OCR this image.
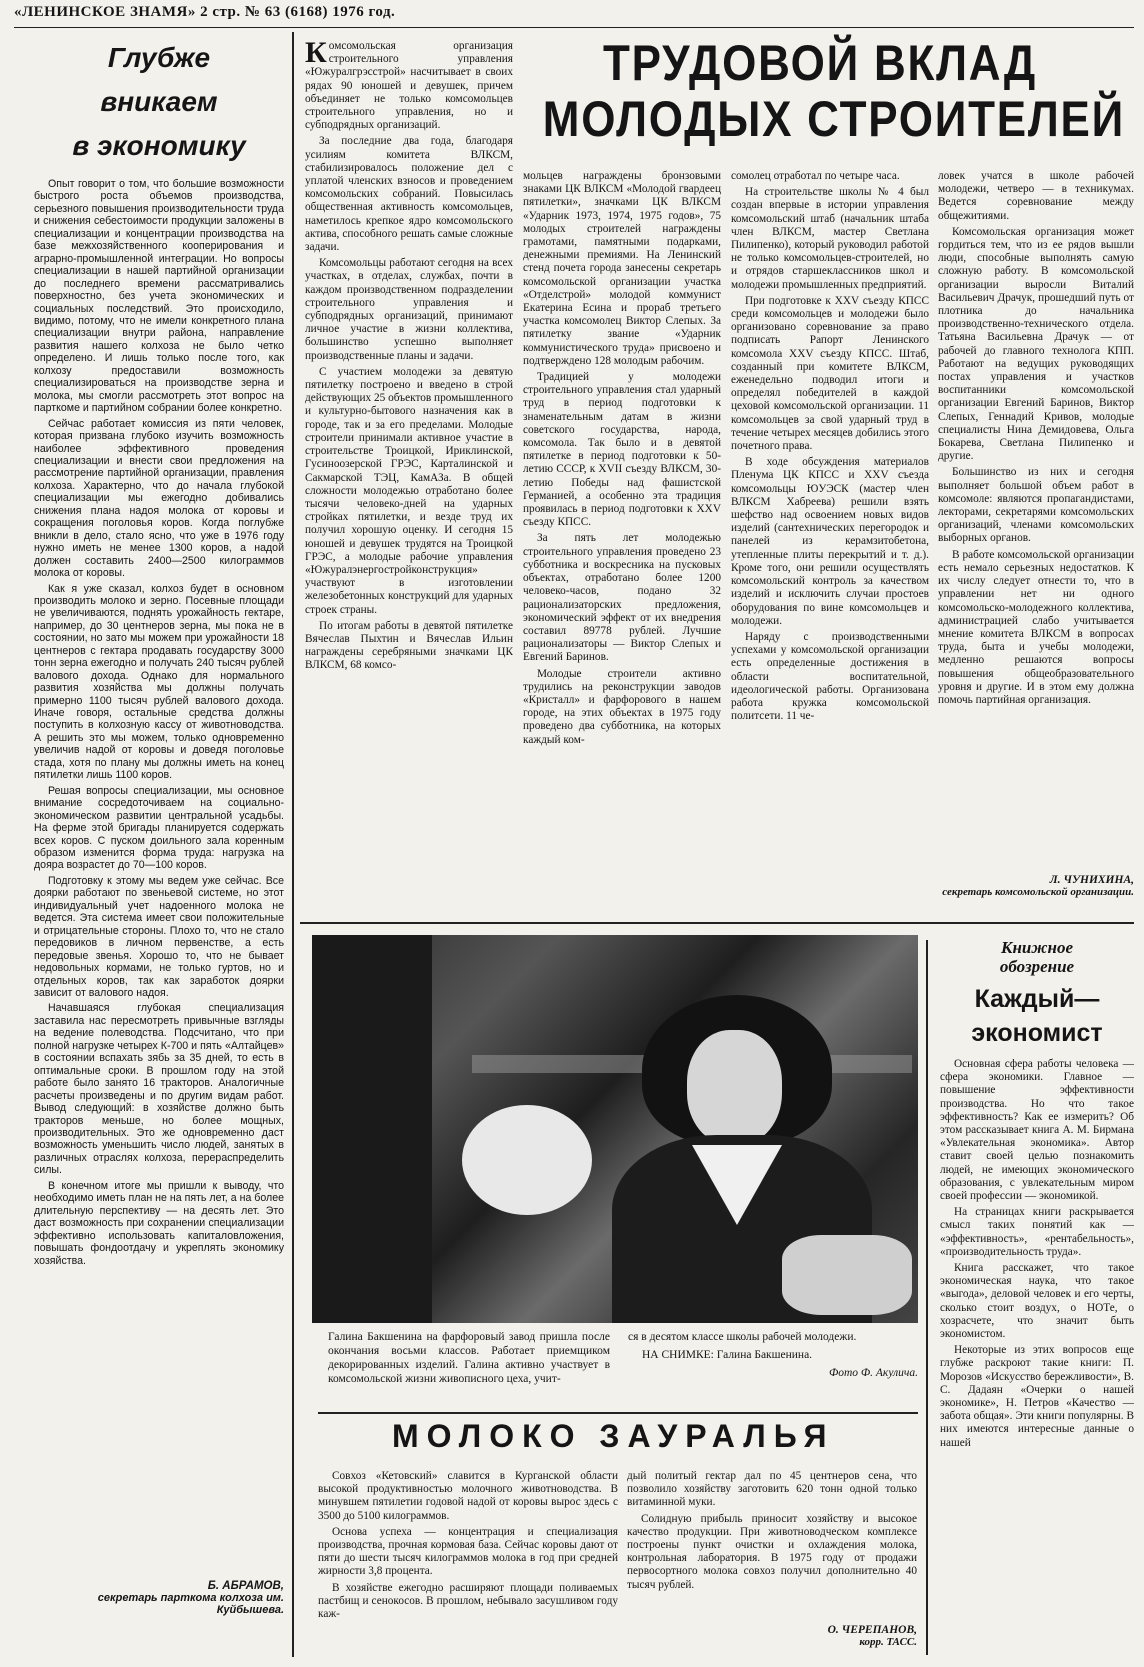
«ЛЕНИНСКОЕ ЗНАМЯ» 2 стр. № 63 (6168) 1976 год.
Глубже
вникаем
в экономику

Опыт говорит о том, что большие возможности быстрого роста объемов производства, серьезного повышения производительности труда и снижения себестоимости продукции заложены в специализации и концентрации производства на базе межхозяйственного кооперирования и аграрно-промышленной интеграции. Но вопросы специализации в нашей партийной организации до последнего времени рассматривались поверхностно, без учета экономических и социальных последствий. Это происходило, видимо, потому, что не имели конкретного плана специализации внутри района, направление развития нашего колхоза не было четко определено. И лишь только после того, как колхозу предоставили возможность специализироваться на производстве зерна и молока, мы смогли рассмотреть этот вопрос на парткоме и партийном собрании более конкретно.

Сейчас работает комиссия из пяти человек, которая призвана глубоко изучить возможность наиболее эффективного проведения специализации и внести свои предложения на рассмотрение партийной организации, правления колхоза. Характерно, что до начала глубокой специализации мы ежегодно добивались снижения плана надоя молока от коровы и сокращения поголовья коров. Когда поглубже вникли в дело, стало ясно, что уже в 1976 году нужно иметь не менее 1300 коров, а надой должен составить 2400—2500 килограммов молока от коровы.

Как я уже сказал, колхоз будет в основном производить молоко и зерно. Посевные площади не увеличиваются, поднять урожайность гектаре, например, до 30 центнеров зерна, мы пока не в состоянии, но зато мы можем при урожайности 18 центнеров с гектара продавать государству 3000 тонн зерна ежегодно и получать 240 тысяч рублей валового дохода. Однако для нормального развития хозяйства мы должны получать примерно 1100 тысяч рублей валового дохода. Иначе говоря, остальные средства должны поступить в колхозную кассу от животноводства. А решить это мы можем, только одновременно увеличив надой от коровы и доведя поголовье стада, хотя по плану мы должны иметь на конец пятилетки лишь 1100 коров.

Решая вопросы специализации, мы основное внимание сосредоточиваем на социально-экономическом развитии центральной усадьбы. На ферме этой бригады планируется содержать всех коров. С пуском доильного зала коренным образом изменится форма труда: нагрузка на дояра возрастет до 70—100 коров.

Подготовку к этому мы ведем уже сейчас. Все доярки работают по звеньевой системе, но этот индивидуальный учет надоенного молока не ведется. Эта система имеет свои положительные и отрицательные стороны. Плохо то, что не стало передовиков в личном первенстве, а есть передовые звенья. Хорошо то, что не бывает недовольных кормами, не только гуртов, но и отдельных коров, так как заработок доярки зависит от валового надоя.

Начавшаяся глубокая специализация заставила нас пересмотреть привычные взгляды на ведение полеводства. Подсчитано, что при полной нагрузке четырех К-700 и пять «Алтайцев» в состоянии вспахать зябь за 35 дней, то есть в оптимальные сроки. В прошлом году на этой работе было занято 16 тракторов. Аналогичные расчеты произведены и по другим видам работ. Вывод следующий: в хозяйстве должно быть тракторов меньше, но более мощных, производительных. Это же одновременно даст возможность уменьшить число людей, занятых в различных отраслях колхоза, перераспределить силы.

В конечном итоге мы пришли к выводу, что необходимо иметь план не на пять лет, а на более длительную перспективу — на десять лет. Это даст возможность при сохранении специализации эффективно использовать капиталовложения, повышать фондоотдачу и укреплять экономику хозяйства.

Б. АБРАМОВ,
секретарь парткома колхоза им. Куйбышева.
ТРУДОВОЙ ВКЛАД
МОЛОДЫХ СТРОИТЕЛЕЙ

Комсомольская организация строительного управления «Южуралгрэсстрой» насчитывает в своих рядах 90 юношей и девушек, причем объединяет не только комсомольцев строительного управления, но и субподрядных организаций.

За последние два года, благодаря усилиям комитета ВЛКСМ, стабилизировалось положение дел с уплатой членских взносов и проведением комсомольских собраний. Повысилась общественная активность комсомольцев, наметилось крепкое ядро комсомольского актива, способного решать самые сложные задачи.

Комсомольцы работают сегодня на всех участках, в отделах, службах, почти в каждом производственном подразделении строительного управления и субподрядных организаций, принимают личное участие в жизни коллектива, большинство успешно выполняет производственные планы и задачи.

С участием молодежи за девятую пятилетку построено и введено в строй действующих 25 объектов промышленного и культурно-бытового назначения как в городе, так и за его пределами. Молодые строители принимали активное участие в строительстве Троицкой, Ириклинской, Гусиноозерской ГРЭС, Карталинской и Сакмарской ТЭЦ, КамАЗа. В общей сложности молодежью отработано более тысячи человеко-дней на ударных стройках пятилетки, и везде труд их получил хорошую оценку. И сегодня 15 юношей и девушек трудятся на Троицкой ГРЭС, а молодые рабочие управления «Южуралэнергостройконструкция» участвуют в изготовлении железобетонных конструкций для ударных строек страны.

По итогам работы в девятой пятилетке Вячеслав Пыхтин и Вячеслав Ильин награждены серебряными значками ЦК ВЛКСМ, 68 комсо-

мольцев награждены бронзовыми знаками ЦК ВЛКСМ «Молодой гвардеец пятилетки», значками ЦК ВЛКСМ «Ударник 1973, 1974, 1975 годов», 75 молодых строителей награждены грамотами, памятными подарками, денежными премиями. На Ленинский стенд почета города занесены секретарь комсомольской организации участка «Отделстрой» молодой коммунист Екатерина Есина и прораб третьего участка комсомолец Виктор Слепых. За пятилетку звание «Ударник коммунистического труда» присвоено и подтверждено 128 молодым рабочим.

Традицией у молодежи строительного управления стал ударный труд в период подготовки к знаменательным датам в жизни советского государства, народа, комсомола. Так было и в девятой пятилетке в период подготовки к 50-летию СССР, к XVII съезду ВЛКСМ, 30-летию Победы над фашистской Германией, а особенно эта традиция проявилась в период подготовки к XXV съезду КПСС.

За пять лет молодежью строительного управления проведено 23 субботника и воскресника на пусковых объектах, отработано более 1200 человеко-часов, подано 32 рационализаторских предложения, экономический эффект от их внедрения составил 89778 рублей. Лучшие рационализаторы — Виктор Слепых и Евгений Баринов.

Молодые строители активно трудились на реконструкции заводов «Кристалл» и фарфорового в нашем городе, на этих объектах в 1975 году проведено два субботника, на которых каждый ком-

сомолец отработал по четыре часа.

На строительстве школы № 4 был создан впервые в истории управления комсомольский штаб (начальник штаба член ВЛКСМ, мастер Светлана Пилипенко), который руководил работой не только комсомольцев-строителей, но и отрядов старшеклассников школ и молодежи промышленных предприятий.

При подготовке к XXV съезду КПСС среди комсомольцев и молодежи было организовано соревнование за право подписать Рапорт Ленинского комсомола XXV съезду КПСС. Штаб, созданный при комитете ВЛКСМ, еженедельно подводил итоги и определял победителей в каждой цеховой комсомольской организации. 11 комсомольцев за свой ударный труд в течение четырех месяцев добились этого почетного права.

В ходе обсуждения материалов Пленума ЦК КПСС и XXV съезда комсомольцы ЮУЭСК (мастер член ВЛКСМ Хабреева) решили взять шефство над освоением новых видов изделий (сантехнических перегородок и панелей из керамзитобетона, утепленные плиты перекрытий и т. д.). Кроме того, они решили осуществлять комсомольский контроль за качеством изделий и исключить случаи простоев оборудования по вине комсомольцев и молодежи.

Наряду с производственными успехами у комсомольской организации есть определенные достижения в области воспитательной, идеологической работы. Организована работа кружка комсомольской политсети. 11 че-

ловек учатся в школе рабочей молодежи, четверо — в техникумах. Ведется соревнование между общежитиями.

Комсомольская организация может гордиться тем, что из ее рядов вышли люди, способные выполнять самую сложную работу. В комсомольской организации выросли Виталий Васильевич Драчук, прошедший путь от плотника до начальника производственно-технического отдела. Татьяна Васильевна Драчук — от рабочей до главного технолога КПП. Работают на ведущих руководящих постах управления и участков воспитанники комсомольской организации Евгений Баринов, Виктор Слепых, Геннадий Кривов, молодые специалисты Нина Демидовева, Ольга Бокарева, Светлана Пилипенко и другие.

Большинство из них и сегодня выполняет большой объем работ в комсомоле: являются пропагандистами, лекторами, секретарями комсомольских организаций, членами комсомольских выборных органов.

В работе комсомольской организации есть немало серьезных недостатков. К их числу следует отнести то, что в управлении нет ни одного комсомольско-молодежного коллектива, администрацией слабо учитывается мнение комитета ВЛКСМ в вопросах труда, быта и учебы молодежи, медленно решаются вопросы повышения общеобразовательного уровня и другие. И в этом ему должна помочь партийная организация.

Л. ЧУНИХИНА,
секретарь комсомольской организации.
Галина Бакшенина на фарфоровый завод пришла после окончания восьми классов. Работает приемщиком декорированных изделий. Галина активно участвует в комсомольской жизни живописного цеха, учит-
ся в десятом классе школы рабочей молодежи.
НА СНИМКЕ: Галина Бакшенина.
Фото Ф. Акулича.
МОЛОКО ЗАУРАЛЬЯ

Совхоз «Кетовский» славится в Курганской области высокой продуктивностью молочного животноводства. В минувшем пятилетии годовой надой от коровы вырос здесь с 3500 до 5100 килограммов.

Основа успеха — концентрация и специализация производства, прочная кормовая база. Сейчас коровы дают от пяти до шести тысяч килограммов молока в год при средней жирности 3,8 процента.

В хозяйстве ежегодно расширяют площади поливаемых пастбищ и сенокосов. В прошлом, небывало засушливом году каж-

дый политый гектар дал по 45 центнеров сена, что позволило хозяйству заготовить 620 тонн одной только витаминной муки.

Солидную прибыль приносит хозяйству и высокое качество продукции. При животноводческом комплексе построены пункт очистки и охлаждения молока, контрольная лаборатория. В 1975 году от продажи первосортного молока совхоз получил дополнительно 40 тысяч рублей.

О. ЧЕРЕПАНОВ,
корр. ТАСС.
Книжное
обозрение
Каждый—
экономист

Основная сфера работы человека — сфера экономики. Главное — повышение эффективности производства. Но что такое эффективность? Как ее измерить? Об этом рассказывает книга А. М. Бирмана «Увлекательная экономика». Автор ставит своей целью познакомить людей, не имеющих экономического образования, с увлекательным миром своей профессии — экономикой.

На страницах книги раскрывается смысл таких понятий как — «эффективность», «рентабельность», «производительность труда».

Книга расскажет, что такое экономическая наука, что такое «выгода», деловой человек и его черты, сколько стоит воздух, о НОТе, о хозрасчете, что значит быть экономистом.

Некоторые из этих вопросов еще глубже раскроют такие книги: П. Морозов «Искусство бережливости», В. С. Дадаян «Очерки о нашей экономике», Н. Петров «Качество — забота общая». Эти книги популярны. В них имеются интересные данные о нашей
